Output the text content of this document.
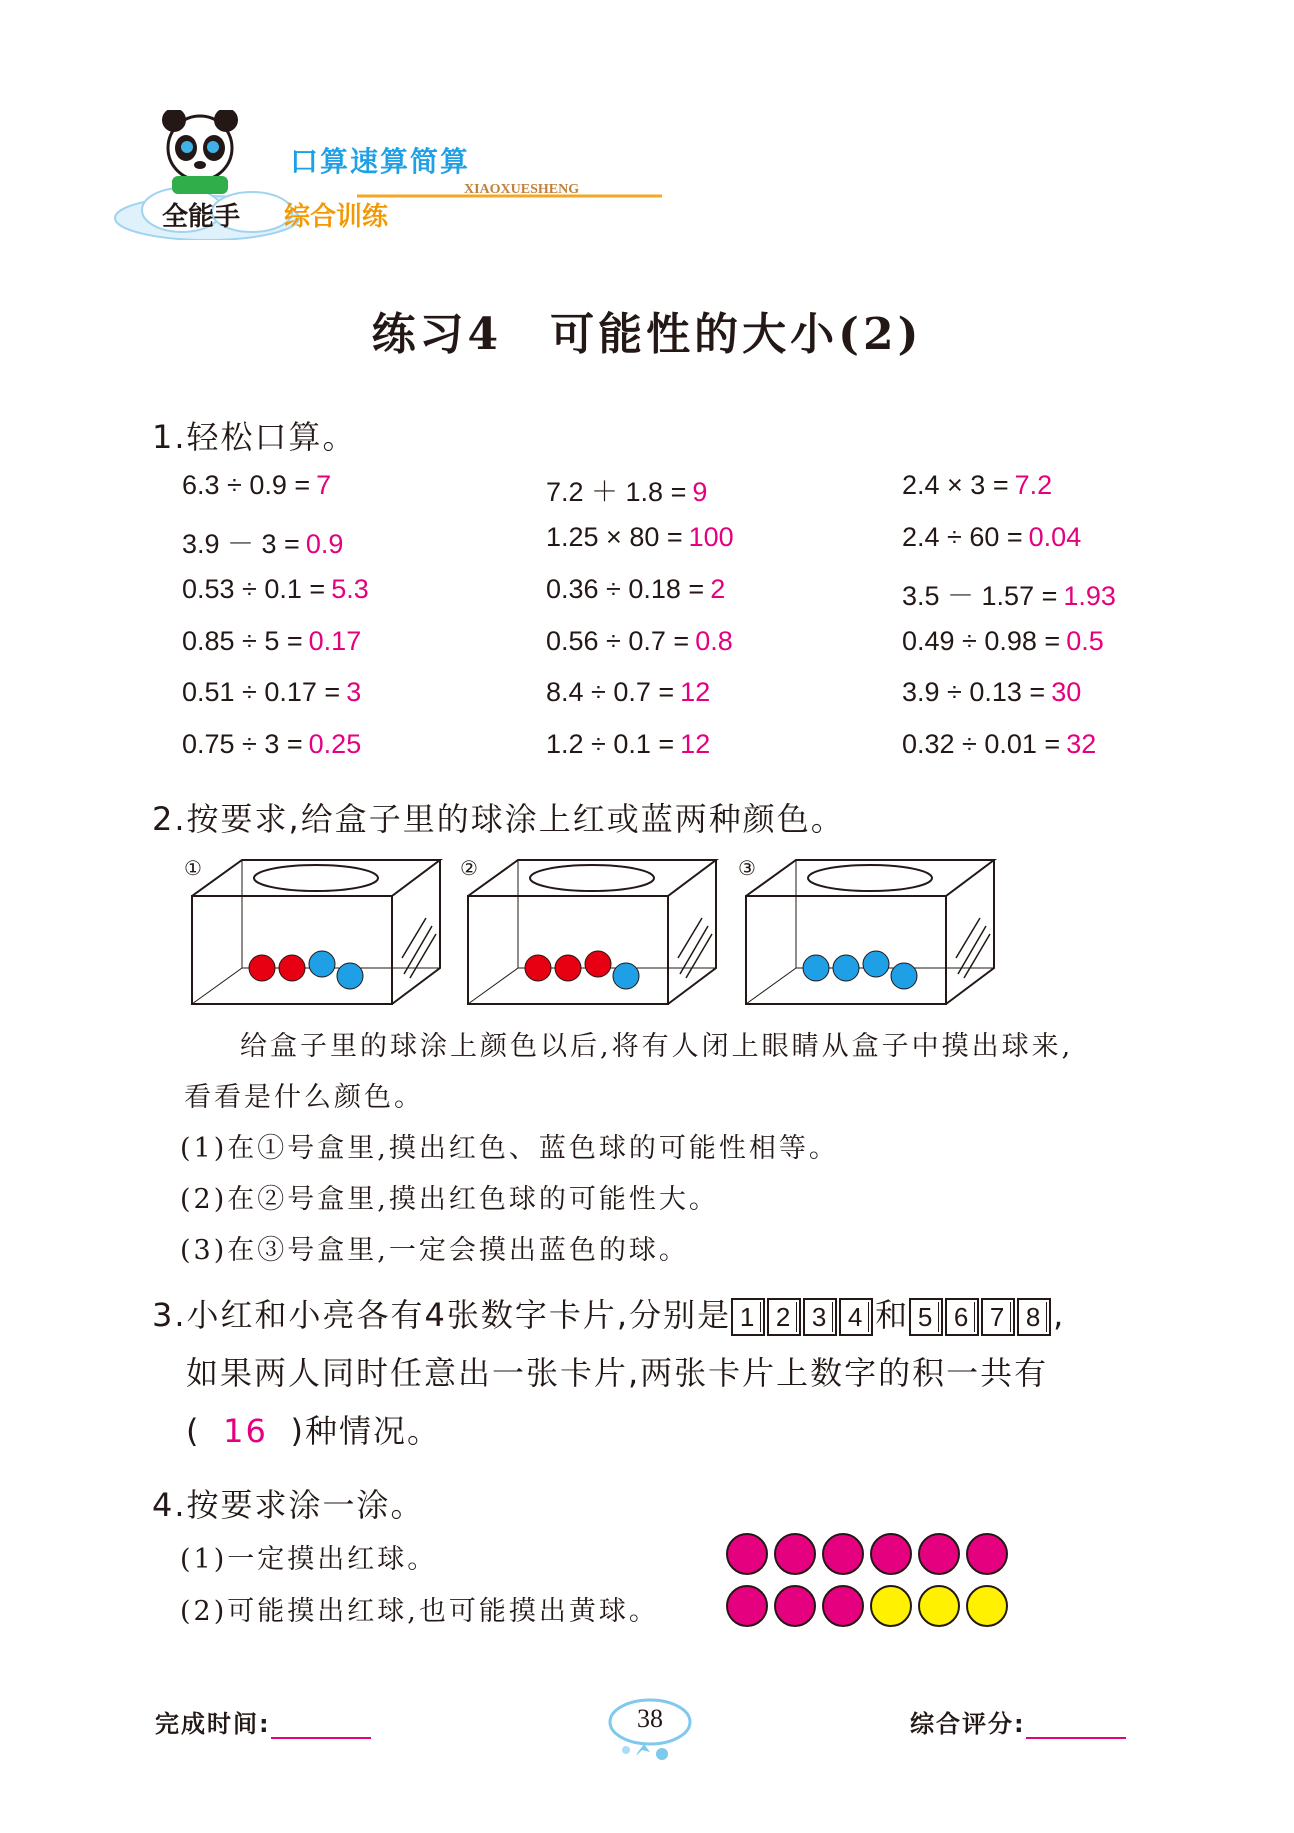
全能手
口算速算简算
综合训练
XIAOXUESHENG
练习4　可能性的大小(2)
1.轻松口算。
6.3 ÷ 0.9 = 7	7.2 ＋ 1.8 = 9	2.4 × 3 = 7.2
3.9 － 3 = 0.9	1.25 × 80 = 100	2.4 ÷ 60 = 0.04
0.53 ÷ 0.1 = 5.3	0.36 ÷ 0.18 = 2	3.5 － 1.57 = 1.93
0.85 ÷ 5 = 0.17	0.56 ÷ 0.7 = 0.8	0.49 ÷ 0.98 = 0.5
0.51 ÷ 0.17 = 3	8.4 ÷ 0.7 = 12	3.9 ÷ 0.13 = 30
0.75 ÷ 3 = 0.25	1.2 ÷ 0.1 = 12	0.32 ÷ 0.01 = 32
2.按要求,给盒子里的球涂上红或蓝两种颜色。
①	②	③
给盒子里的球涂上颜色以后,将有人闭上眼睛从盒子中摸出球来,
看看是什么颜色。
(1)在①号盒里,摸出红色、蓝色球的可能性相等。
(2)在②号盒里,摸出红色球的可能性大。
(3)在③号盒里,一定会摸出蓝色的球。
3.小红和小亮各有4张数字卡片,分别是 1 2 3 4 和 5 6 7 8 ,
如果两人同时任意出一张卡片,两张卡片上数字的积一共有
( 16 )种情况。
4.按要求涂一涂。
(1)一定摸出红球。
(2)可能摸出红球,也可能摸出黄球。
完成时间:	综合评分:
38
